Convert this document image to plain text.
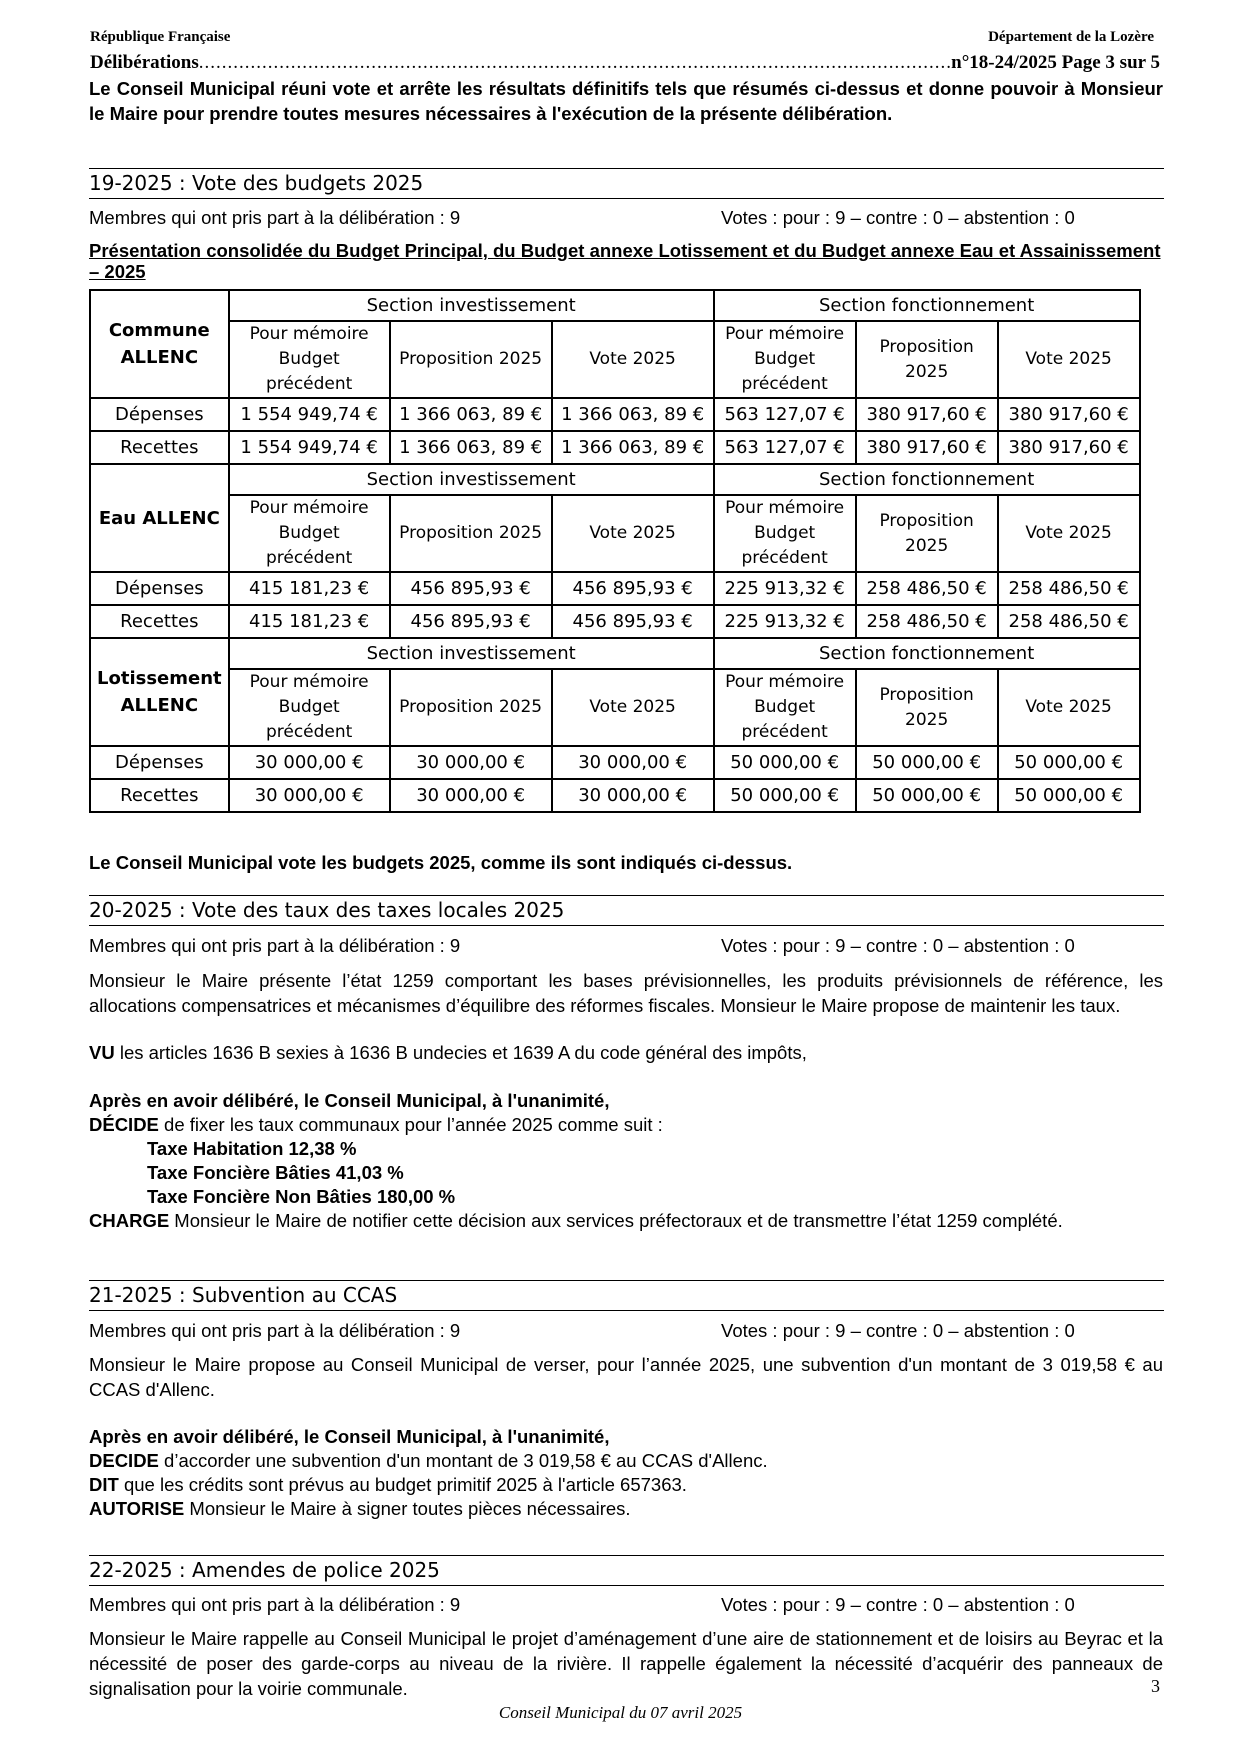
République Française	Département de la Lozère
Délibérations .....	n°18-24/2025 Page 3 sur 5
Le Conseil Municipal réuni vote et arrête les résultats définitifs tels que résumés ci-dessus et donne pouvoir à Monsieur le Maire pour prendre toutes mesures nécessaires à l'exécution de la présente délibération.
19-2025 : Vote des budgets 2025
Membres qui ont pris part à la délibération : 9	Votes : pour : 9 – contre : 0 – abstention : 0
Présentation consolidée du Budget Principal, du Budget annexe Lotissement et du Budget annexe Eau et Assainissement – 2025
Commune ALLENC	Section investissement			Section fonctionnement		
	Pour mémoire Budget précédent	Proposition 2025	Vote 2025	Pour mémoire Budget précédent	Proposition 2025	Vote 2025
Dépenses	1 554 949,74 €	1 366 063, 89 €	1 366 063, 89 €	563 127,07 €	380 917,60 €	380 917,60 €
Recettes	1 554 949,74 €	1 366 063, 89 €	1 366 063, 89 €	563 127,07 €	380 917,60 €	380 917,60 €
Eau ALLENC	Section investissement			Section fonctionnement		
	Pour mémoire Budget précédent	Proposition 2025	Vote 2025	Pour mémoire Budget précédent	Proposition 2025	Vote 2025
Dépenses	415 181,23 €	456 895,93 €	456 895,93 €	225 913,32 €	258 486,50 €	258 486,50 €
Recettes	415 181,23 €	456 895,93 €	456 895,93 €	225 913,32 €	258 486,50 €	258 486,50 €
Lotissement ALLENC	Section investissement			Section fonctionnement		
	Pour mémoire Budget précédent	Proposition 2025	Vote 2025	Pour mémoire Budget précédent	Proposition 2025	Vote 2025
Dépenses	30 000,00 €	30 000,00 €	30 000,00 €	50 000,00 €	50 000,00 €	50 000,00 €
Recettes	30 000,00 €	30 000,00 €	30 000,00 €	50 000,00 €	50 000,00 €	50 000,00 €
Le Conseil Municipal vote les budgets 2025, comme ils sont indiqués ci-dessus.
20-2025 : Vote des taux des taxes locales 2025
Membres qui ont pris part à la délibération : 9	Votes : pour : 9 – contre : 0 – abstention : 0
Monsieur le Maire présente l’état 1259 comportant les bases prévisionnelles, les produits prévisionnels de référence, les allocations compensatrices et mécanismes d’équilibre des réformes fiscales. Monsieur le Maire propose de maintenir les taux.
VU les articles 1636 B sexies à 1636 B undecies et 1639 A du code général des impôts,
Après en avoir délibéré, le Conseil Municipal, à l'unanimité,
DÉCIDE de fixer les taux communaux pour l’année 2025 comme suit :
Taxe Habitation 12,38 %
Taxe Foncière Bâties 41,03 %
Taxe Foncière Non Bâties 180,00 %
CHARGE Monsieur le Maire de notifier cette décision aux services préfectoraux et de transmettre l’état 1259 complété.
21-2025 : Subvention au CCAS
Membres qui ont pris part à la délibération : 9	Votes : pour : 9 – contre : 0 – abstention : 0
Monsieur le Maire propose au Conseil Municipal de verser, pour l’année 2025, une subvention d'un montant de 3 019,58 € au CCAS d'Allenc.
Après en avoir délibéré, le Conseil Municipal, à l'unanimité,
DECIDE d’accorder une subvention d'un montant de 3 019,58 € au CCAS d'Allenc.
DIT que les crédits sont prévus au budget primitif 2025 à l'article 657363.
AUTORISE Monsieur le Maire à signer toutes pièces nécessaires.
22-2025 : Amendes de police 2025
Membres qui ont pris part à la délibération : 9	Votes : pour : 9 – contre : 0 – abstention : 0
Monsieur le Maire rappelle au Conseil Municipal le projet d’aménagement d’une aire de stationnement et de loisirs au Beyrac et la nécessité de poser des garde-corps au niveau de la rivière. Il rappelle également la nécessité d’acquérir des panneaux de signalisation pour la voirie communale.	3
Conseil Municipal du 07 avril 2025
